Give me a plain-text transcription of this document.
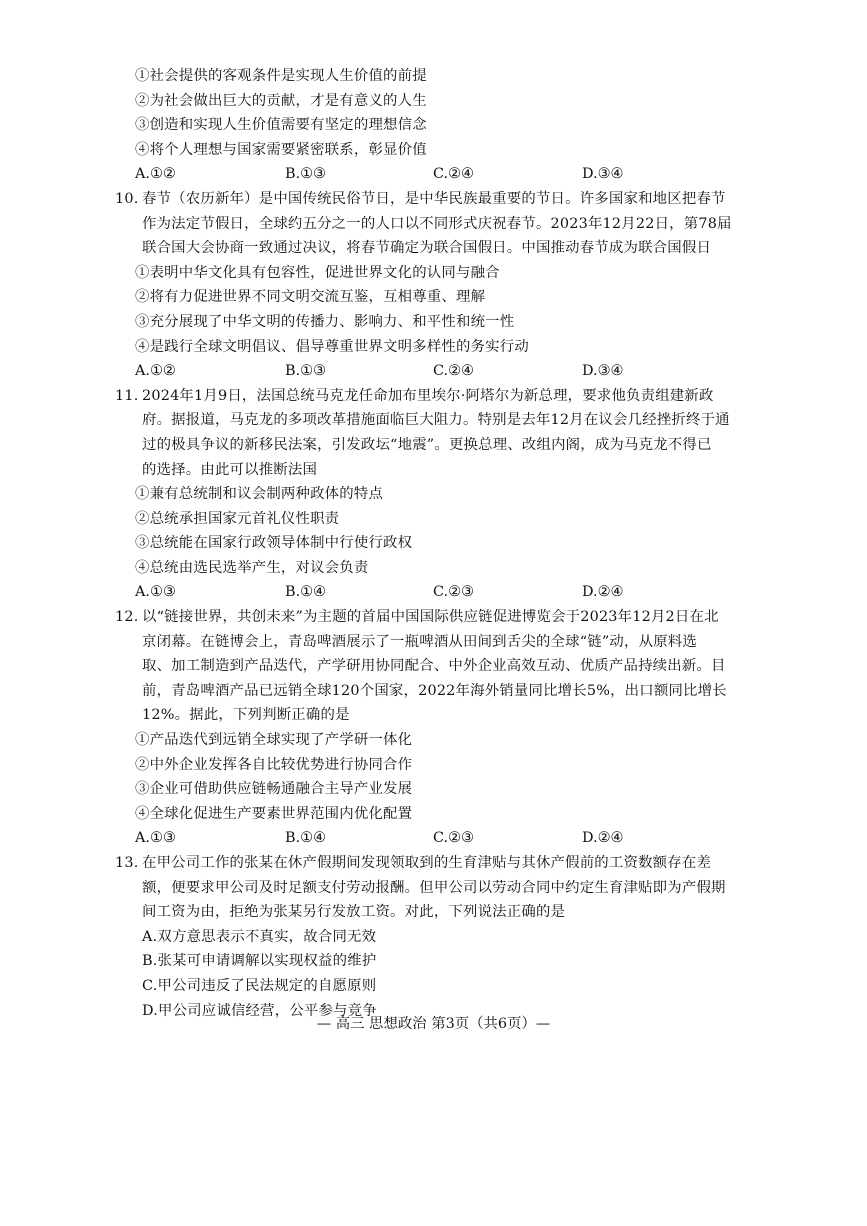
①社会提供的客观条件是实现人生价值的前提
②为社会做出巨大的贡献，才是有意义的人生
③创造和实现人生价值需要有坚定的理想信念
④将个人理想与国家需要紧密联系，彰显价值
A.①②	B.①③	C.②④	D.③④
10. 春节（农历新年）是中国传统民俗节日，是中华民族最重要的节日。许多国家和地区把春节
作为法定节假日，全球约五分之一的人口以不同形式庆祝春节。2023年12月22日，第78届
联合国大会协商一致通过决议，将春节确定为联合国假日。中国推动春节成为联合国假日
①表明中华文化具有包容性，促进世界文化的认同与融合
②将有力促进世界不同文明交流互鉴，互相尊重、理解
③充分展现了中华文明的传播力、影响力、和平性和统一性
④是践行全球文明倡议、倡导尊重世界文明多样性的务实行动
A.①②	B.①③	C.②④	D.③④
11. 2024年1月9日，法国总统马克龙任命加布里埃尔·阿塔尔为新总理，要求他负责组建新政
府。据报道，马克龙的多项改革措施面临巨大阻力。特别是去年12月在议会几经挫折终于通
过的极具争议的新移民法案，引发政坛“地震”。更换总理、改组内阁，成为马克龙不得已
的选择。由此可以推断法国
①兼有总统制和议会制两种政体的特点
②总统承担国家元首礼仪性职责
③总统能在国家行政领导体制中行使行政权
④总统由选民选举产生，对议会负责
A.①③	B.①④	C.②③	D.②④
12. 以“链接世界，共创未来”为主题的首届中国国际供应链促进博览会于2023年12月2日在北
京闭幕。在链博会上，青岛啤酒展示了一瓶啤酒从田间到舌尖的全球“链”动，从原料选
取、加工制造到产品迭代，产学研用协同配合、中外企业高效互动、优质产品持续出新。目
前，青岛啤酒产品已远销全球120个国家，2022年海外销量同比增长5%，出口额同比增长
12%。据此，下列判断正确的是
①产品迭代到远销全球实现了产学研一体化
②中外企业发挥各自比较优势进行协同合作
③企业可借助供应链畅通融合主导产业发展
④全球化促进生产要素世界范围内优化配置
A.①③	B.①④	C.②③	D.②④
13. 在甲公司工作的张某在休产假期间发现领取到的生育津贴与其休产假前的工资数额存在差
额，便要求甲公司及时足额支付劳动报酬。但甲公司以劳动合同中约定生育津贴即为产假期
间工资为由，拒绝为张某另行发放工资。对此，下列说法正确的是
A.双方意思表示不真实，故合同无效
B.张某可申请调解以实现权益的维护
C.甲公司违反了民法规定的自愿原则
D.甲公司应诚信经营，公平参与竞争
— 高三 思想政治 第3页（共6页）—
